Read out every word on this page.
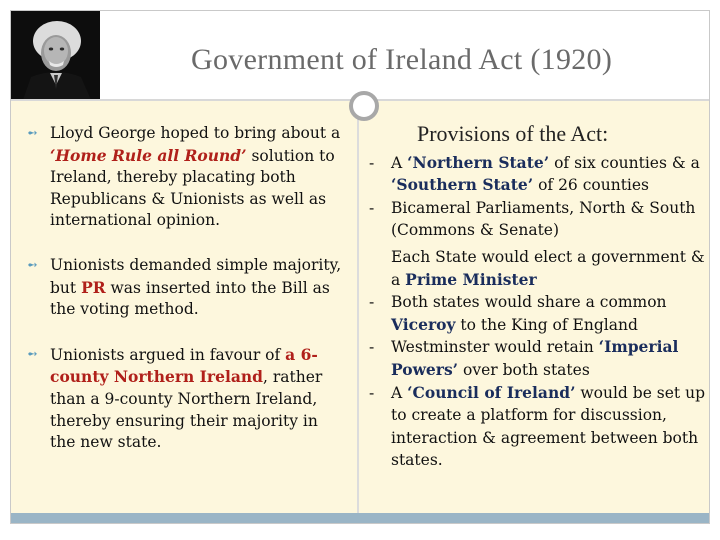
Government of Ireland Act (1920)
➻ Lloyd George hoped to bring about a ‘Home Rule all Round’ solution to Ireland, thereby placating both Republicans & Unionists as well as international opinion.
➻ Unionists demanded simple majority, but PR was inserted into the Bill as the voting method.
➻ Unionists argued in favour of a 6-county Northern Ireland, rather than a 9-county Northern Ireland, thereby ensuring their majority in the new state.
Provisions of the Act:
- A ‘Northern State’ of six counties & a ‘Southern State’ of 26 counties
- Bicameral Parliaments, North & South (Commons & Senate)
Each State would elect a government & a Prime Minister
- Both states would share a common Viceroy to the King of England
- Westminster would retain ‘Imperial Powers’ over both states
- A ‘Council of Ireland’ would be set up to create a platform for discussion, interaction & agreement between both states.
